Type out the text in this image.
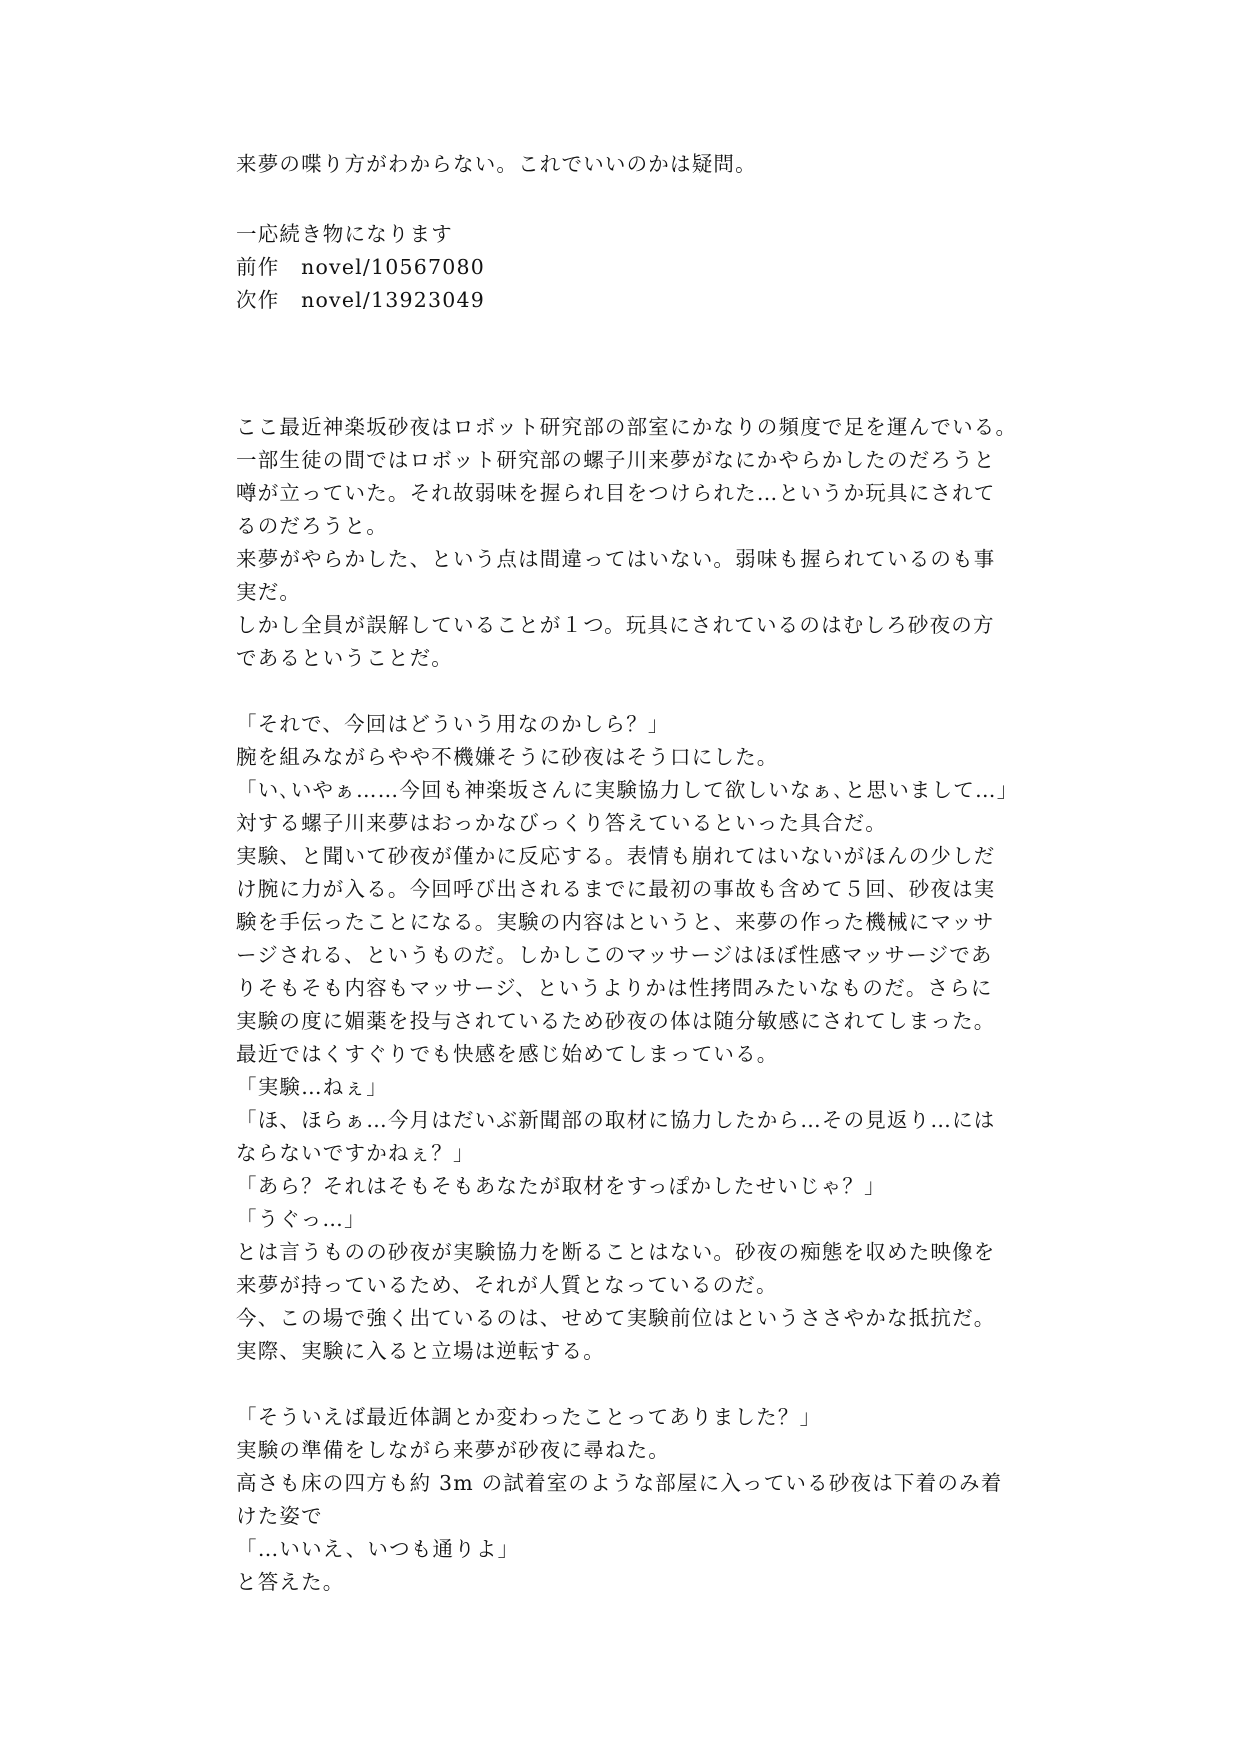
来夢の喋り方がわからない。これでいいのかは疑問。
一応続き物になります
前作　novel/10567080
次作　novel/13923049
ここ最近神楽坂砂夜はロボット研究部の部室にかなりの頻度で足を運んでいる。
一部生徒の間ではロボット研究部の螺子川来夢がなにかやらかしたのだろうと
噂が立っていた。それ故弱味を握られ目をつけられた…というか玩具にされて
るのだろうと。
来夢がやらかした、という点は間違ってはいない。弱味も握られているのも事
実だ。
しかし全員が誤解していることが１つ。玩具にされているのはむしろ砂夜の方
であるということだ。
「それで、今回はどういう用なのかしら？」
腕を組みながらやや不機嫌そうに砂夜はそう口にした。
「い､いやぁ……今回も神楽坂さんに実験協力して欲しいなぁ､と思いまして…」
対する螺子川来夢はおっかなびっくり答えているといった具合だ。
実験、と聞いて砂夜が僅かに反応する。表情も崩れてはいないがほんの少しだ
け腕に力が入る。今回呼び出されるまでに最初の事故も含めて５回、砂夜は実
験を手伝ったことになる。実験の内容はというと、来夢の作った機械にマッサ
ージされる、というものだ。しかしこのマッサージはほぼ性感マッサージであ
りそもそも内容もマッサージ、というよりかは性拷問みたいなものだ。さらに
実験の度に媚薬を投与されているため砂夜の体は随分敏感にされてしまった。
最近ではくすぐりでも快感を感じ始めてしまっている。
「実験…ねぇ」
「ほ、ほらぁ…今月はだいぶ新聞部の取材に協力したから…その見返り…には
ならないですかねぇ？」
「あら？それはそもそもあなたが取材をすっぽかしたせいじゃ？」
「うぐっ…」
とは言うものの砂夜が実験協力を断ることはない。砂夜の痴態を収めた映像を
来夢が持っているため、それが人質となっているのだ。
今、この場で強く出ているのは、せめて実験前位はというささやかな抵抗だ。
実際、実験に入ると立場は逆転する。
「そういえば最近体調とか変わったことってありました？」
実験の準備をしながら来夢が砂夜に尋ねた。
高さも床の四方も約 3m の試着室のような部屋に入っている砂夜は下着のみ着
けた姿で
「…いいえ、いつも通りよ」
と答えた。
